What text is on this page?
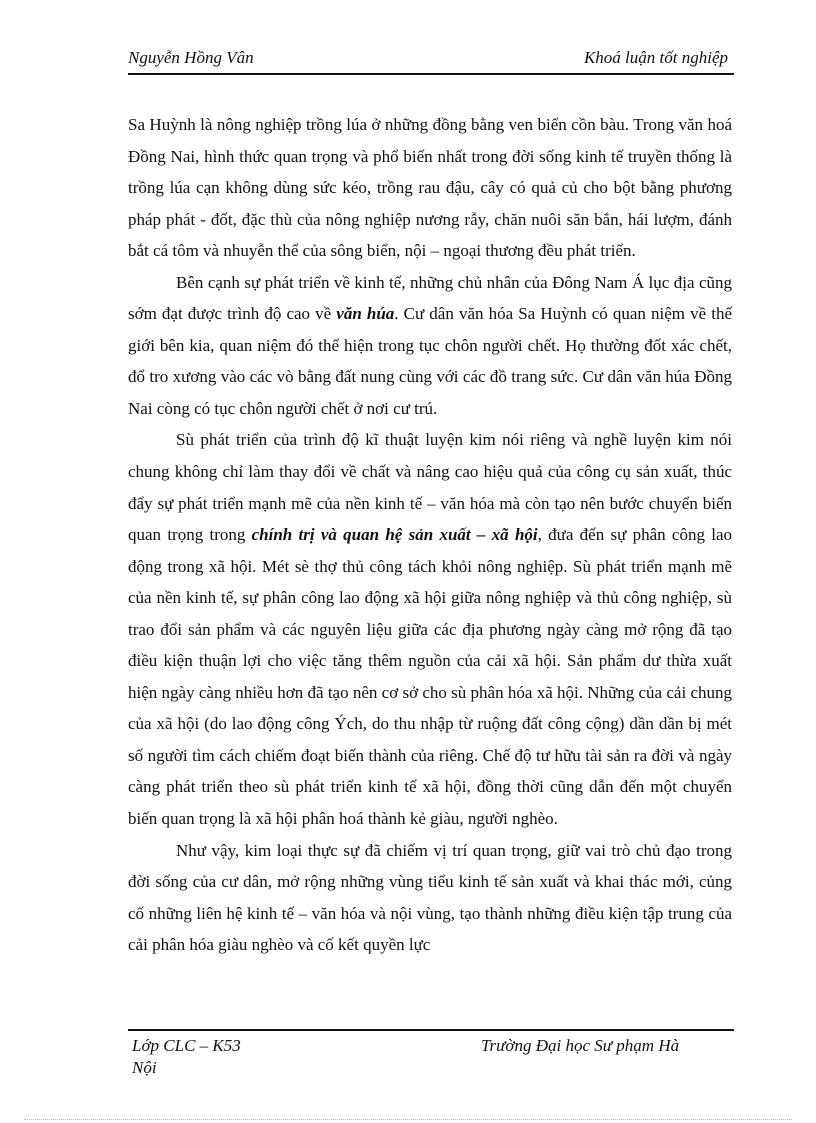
Nguyễn Hồng Vân	Khoá luận tốt nghiệp

Sa Huỳnh là nông nghiệp trồng lúa ở những đồng bằng ven biển cồn bàu. Trong văn hoá Đồng Nai, hình thức quan trọng và phổ biến nhất trong đời sống kinh tế truyền thống là trồng lúa cạn không dùng sức kéo, trồng rau đậu, cây có quả củ cho bột bằng phương pháp phát - đốt, đặc thù của nông nghiệp nương rẫy, chăn nuôi săn bắn, hái lượm, đánh bắt cá tôm và nhuyễn thể của sông biển, nội – ngoại thương đều phát triển.

Bên cạnh sự phát triển về kinh tế, những chủ nhân của Đông Nam Á lục địa cũng sớm đạt được trình độ cao về văn húa. Cư dân văn hóa Sa Huỳnh có quan niệm về thế giới bên kia, quan niệm đó thể hiện trong tục chôn người chết. Họ thường đốt xác chết, đổ tro xương vào các vò bằng đất nung cùng với các đồ trang sức. Cư dân văn húa Đồng Nai còng có tục chôn người chết ở nơi cư trú.

Sù phát triển của trình độ kĩ thuật luyện kim nói riêng và nghề luyện kim nói chung không chỉ làm thay đổi về chất và nâng cao hiệu quả của công cụ sản xuất, thúc đẩy sự phát triển mạnh mẽ của nền kinh tế – văn hóa mà còn tạo nên bước chuyển biến quan trọng trong chính trị và quan hệ sản xuất – xã hội, đưa đến sự phân công lao động trong xã hội. Mét sè thợ thủ công tách khỏi nông nghiệp. Sù phát triển mạnh mẽ của nền kinh tế, sự phân công lao động xã hội giữa nông nghiệp và thủ công nghiệp, sù trao đổi sản phẩm và các nguyên liệu giữa các địa phương ngày càng mở rộng đã tạo điều kiện thuận lợi cho việc tăng thêm nguồn của cải xã hội. Sản phẩm dư thừa xuất hiện ngày càng nhiều hơn đã tạo nên cơ sở cho sù phân hóa xã hội. Những của cải chung của xã hội (do lao động công Ých, do thu nhập từ ruộng đất công cộng) dần dần bị mét số người tìm cách chiếm đoạt biến thành của riêng. Chế độ tư hữu tài sản ra đời và ngày càng phát triển theo sù phát triển kinh tế xã hội, đồng thời cũng dẫn đến một chuyển biến quan trọng là xã hội phân hoá thành kẻ giàu, người nghèo.

Như vậy, kim loại thực sự đã chiếm vị trí quan trọng, giữ vai trò chủ đạo trong đời sống của cư dân, mở rộng những vùng tiểu kinh tế sản xuất và khai thác mới, củng cố những liên hệ kinh tế – văn hóa và nội vùng, tạo thành những điều kiện tập trung của cải phân hóa giàu nghèo và cố kết quyền lực

Lớp CLC – K53	Trường Đại học Sư phạm Hà
Nội
